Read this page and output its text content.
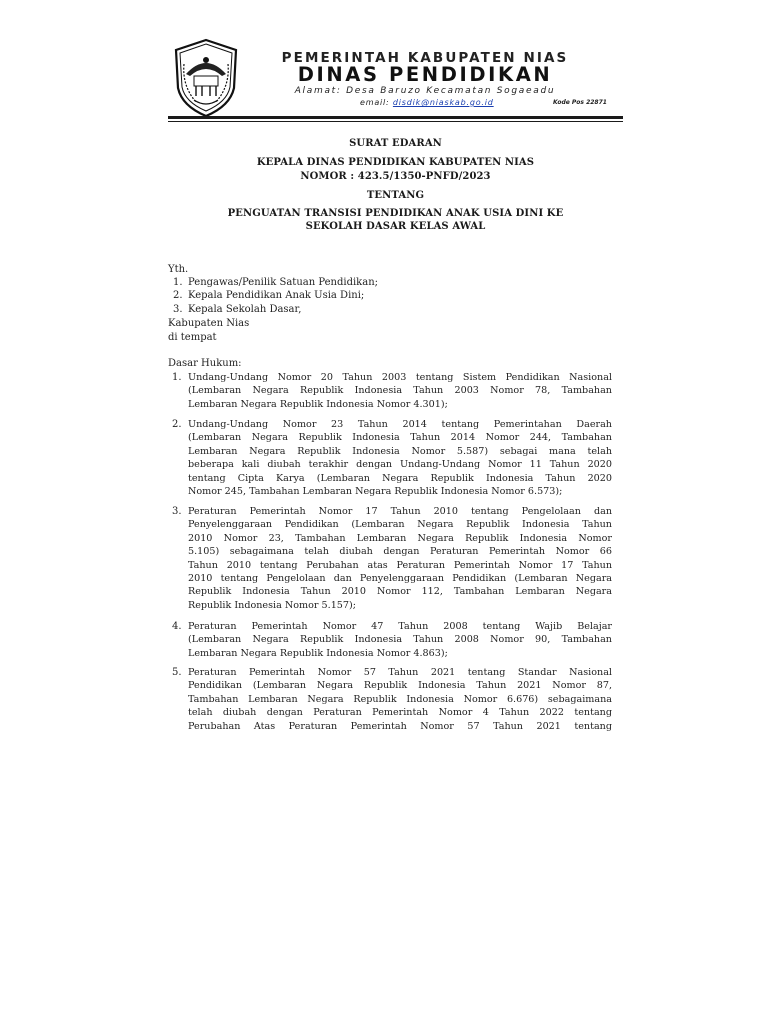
PEMERINTAH KABUPATEN NIAS
DINAS PENDIDIKAN
Alamat: Desa Baruzo Kecamatan Sogaeadu
email: disdik@niaskab.go.id	Kode Pos 22871
SURAT EDARAN
KEPALA DINAS PENDIDIKAN KABUPATEN NIAS
NOMOR : 423.5/1350-PNFD/2023
TENTANG
PENGUATAN TRANSISI PENDIDIKAN ANAK USIA DINI KE
SEKOLAH DASAR KELAS AWAL
Yth.
1. Pengawas/Penilik Satuan Pendidikan;
2. Kepala Pendidikan Anak Usia Dini;
3. Kepala Sekolah Dasar,
Kabupaten Nias
di tempat
Dasar Hukum:
1. Undang-Undang Nomor 20 Tahun 2003 tentang Sistem Pendidikan Nasional
(Lembaran Negara Republik Indonesia Tahun 2003 Nomor 78, Tambahan
Lembaran Negara Republik Indonesia Nomor 4.301);
2. Undang-Undang Nomor 23 Tahun 2014 tentang Pemerintahan Daerah
(Lembaran Negara Republik Indonesia Tahun 2014 Nomor 244, Tambahan
Lembaran Negara Republik Indonesia Nomor 5.587) sebagai mana telah
beberapa kali diubah terakhir dengan Undang-Undang Nomor 11 Tahun 2020
tentang Cipta Karya (Lembaran Negara Republik Indonesia Tahun 2020
Nomor 245, Tambahan Lembaran Negara Republik Indonesia Nomor 6.573);
3. Peraturan Pemerintah Nomor 17 Tahun 2010 tentang Pengelolaan dan
Penyelenggaraan Pendidikan (Lembaran Negara Republik Indonesia Tahun
2010 Nomor 23, Tambahan Lembaran Negara Republik Indonesia Nomor
5.105) sebagaimana telah diubah dengan Peraturan Pemerintah Nomor 66
Tahun 2010 tentang Perubahan atas Peraturan Pemerintah Nomor 17 Tahun
2010 tentang Pengelolaan dan Penyelenggaraan Pendidikan (Lembaran Negara
Republik Indonesia Tahun 2010 Nomor 112, Tambahan Lembaran Negara
Republik Indonesia Nomor 5.157);
4. Peraturan Pemerintah Nomor 47 Tahun 2008 tentang Wajib Belajar
(Lembaran Negara Republik Indonesia Tahun 2008 Nomor 90, Tambahan
Lembaran Negara Republik Indonesia Nomor 4.863);
5. Peraturan Pemerintah Nomor 57 Tahun 2021 tentang Standar Nasional
Pendidikan (Lembaran Negara Republik Indonesia Tahun 2021 Nomor 87,
Tambahan Lembaran Negara Republik Indonesia Nomor 6.676) sebagaimana
telah diubah dengan Peraturan Pemerintah Nomor 4 Tahun 2022 tentang
Perubahan Atas Peraturan Pemerintah Nomor 57 Tahun 2021 tentang
